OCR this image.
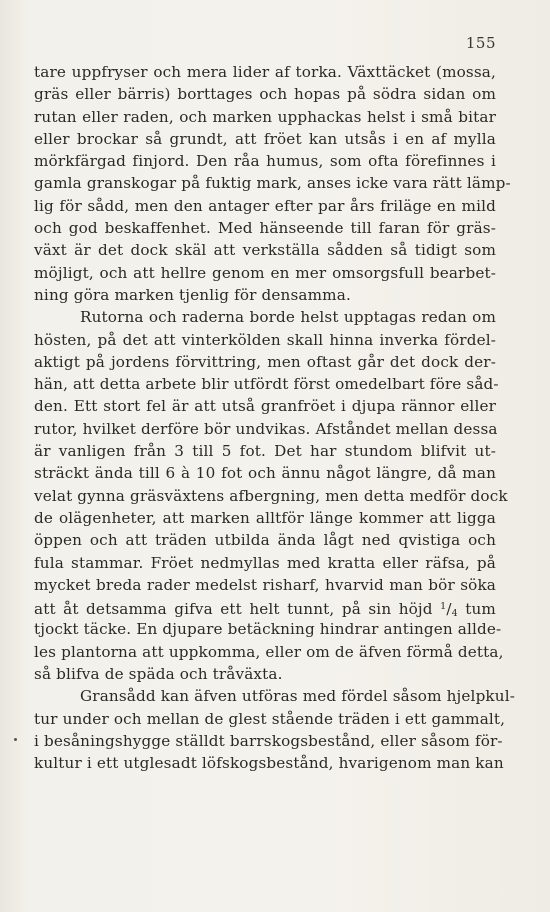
155
tare uppfryser och mera lider af torka. Växttäcket (mossa,
gräs eller bärris) borttages och hopas på södra sidan om
rutan eller raden, och marken upphackas helst i små bitar
eller brockar så grundt, att fröet kan utsås i en af mylla
mörkfärgad finjord. Den råa humus, som ofta förefinnes i
gamla granskogar på fuktig mark, anses icke vara rätt lämp-
lig för sådd, men den antager efter par års friläge en mild
och god beskaffenhet. Med hänseende till faran för gräs-
växt är det dock skäl att verkställa sådden så tidigt som
möjligt, och att hellre genom en mer omsorgsfull bearbet-
ning göra marken tjenlig för densamma.
Rutorna och raderna borde helst upptagas redan om
hösten, på det att vinterkölden skall hinna inverka fördel-
aktigt på jordens förvittring, men oftast går det dock der-
hän, att detta arbete blir utfördt först omedelbart före såd-
den. Ett stort fel är att utså granfröet i djupa rännor eller
rutor, hvilket derföre bör undvikas. Afståndet mellan dessa
är vanligen från 3 till 5 fot. Det har stundom blifvit ut-
sträckt ända till 6 à 10 fot och ännu något längre, då man
velat gynna gräsväxtens afbergning, men detta medför dock
de olägenheter, att marken alltför länge kommer att ligga
öppen och att träden utbilda ända lågt ned qvistiga och
fula stammar. Fröet nedmyllas med kratta eller räfsa, på
mycket breda rader medelst risharf, hvarvid man bör söka
att åt detsamma gifva ett helt tunnt, på sin höjd $^1$/4 tum
tjockt täcke. En djupare betäckning hindrar antingen allde-
les plantorna att uppkomma, eller om de äfven förmå detta,
så blifva de späda och tråväxta.
Gransådd kan äfven utföras med fördel såsom hjelpkul-
tur under och mellan de glest stående träden i ett gammalt,
i besåningshygge ställdt barrskogsbestånd, eller såsom för-
kultur i ett utglesadt löfskogsbestånd, hvarigenom man kan
